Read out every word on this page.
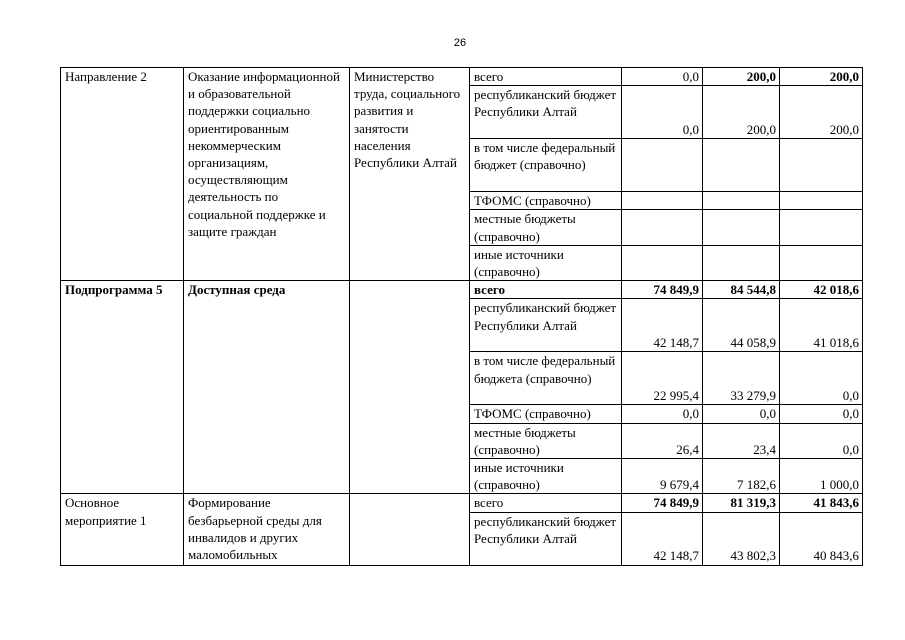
26
Направление 2	Оказание информационной и образовательной поддержки социально ориентированным некоммерческим организациям, осуществляющим деятельность по социальной поддержке и защите граждан	Министерство труда, социального развития и занятости населения Республики Алтай	всего	0,0	200,0	200,0
			республиканский бюджет Республики Алтай	0,0	200,0	200,0
			в том числе федеральный бюджет (справочно)			
			ТФОМС (справочно)			
			местные бюджеты (справочно)			
			иные источники (справочно)			
Подпрограмма 5	Доступная среда		всего	74 849,9	84 544,8	42 018,6
			республиканский бюджет Республики Алтай	42 148,7	44 058,9	41 018,6
			в том числе федеральный бюджета (справочно)	22 995,4	33 279,9	0,0
			ТФОМС (справочно)	0,0	0,0	0,0
			местные бюджеты (справочно)	26,4	23,4	0,0
			иные источники (справочно)	9 679,4	7 182,6	1 000,0
Основное мероприятие 1	Формирование безбарьерной среды для инвалидов и других маломобильных		всего	74 849,9	81 319,3	41 843,6
			республиканский бюджет Республики Алтай	42 148,7	43 802,3	40 843,6
